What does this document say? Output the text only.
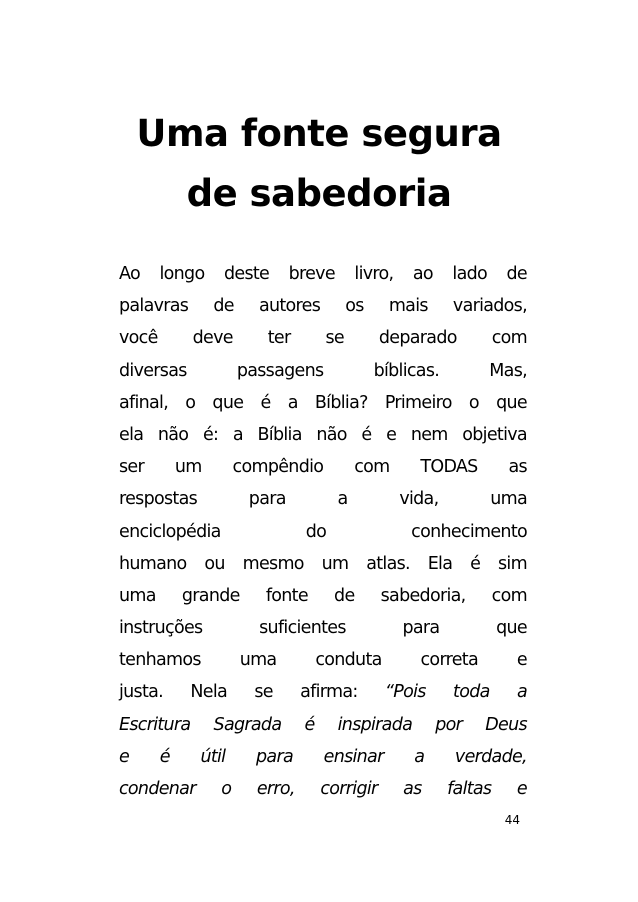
Uma fonte segura
de sabedoria
Ao longo deste breve livro, ao lado de
palavras de autores os mais variados,
você deve ter se deparado com
diversas	passagens	bíblicas.	Mas,
afinal, o que é a Bíblia? Primeiro o que
ela não é: a Bíblia não é e nem objetiva
ser um compêndio com TODAS as
respostas	para	a	vida,	uma
enciclopédia	do	conhecimento
humano ou mesmo um atlas. Ela é sim
uma grande fonte de sabedoria, com
instruções	suficientes	para	que
tenhamos uma conduta correta e
justa. Nela se afirma: “Pois toda a
Escritura Sagrada é inspirada por Deus
e é útil para ensinar a verdade,
condenar o erro, corrigir as faltas e
44
